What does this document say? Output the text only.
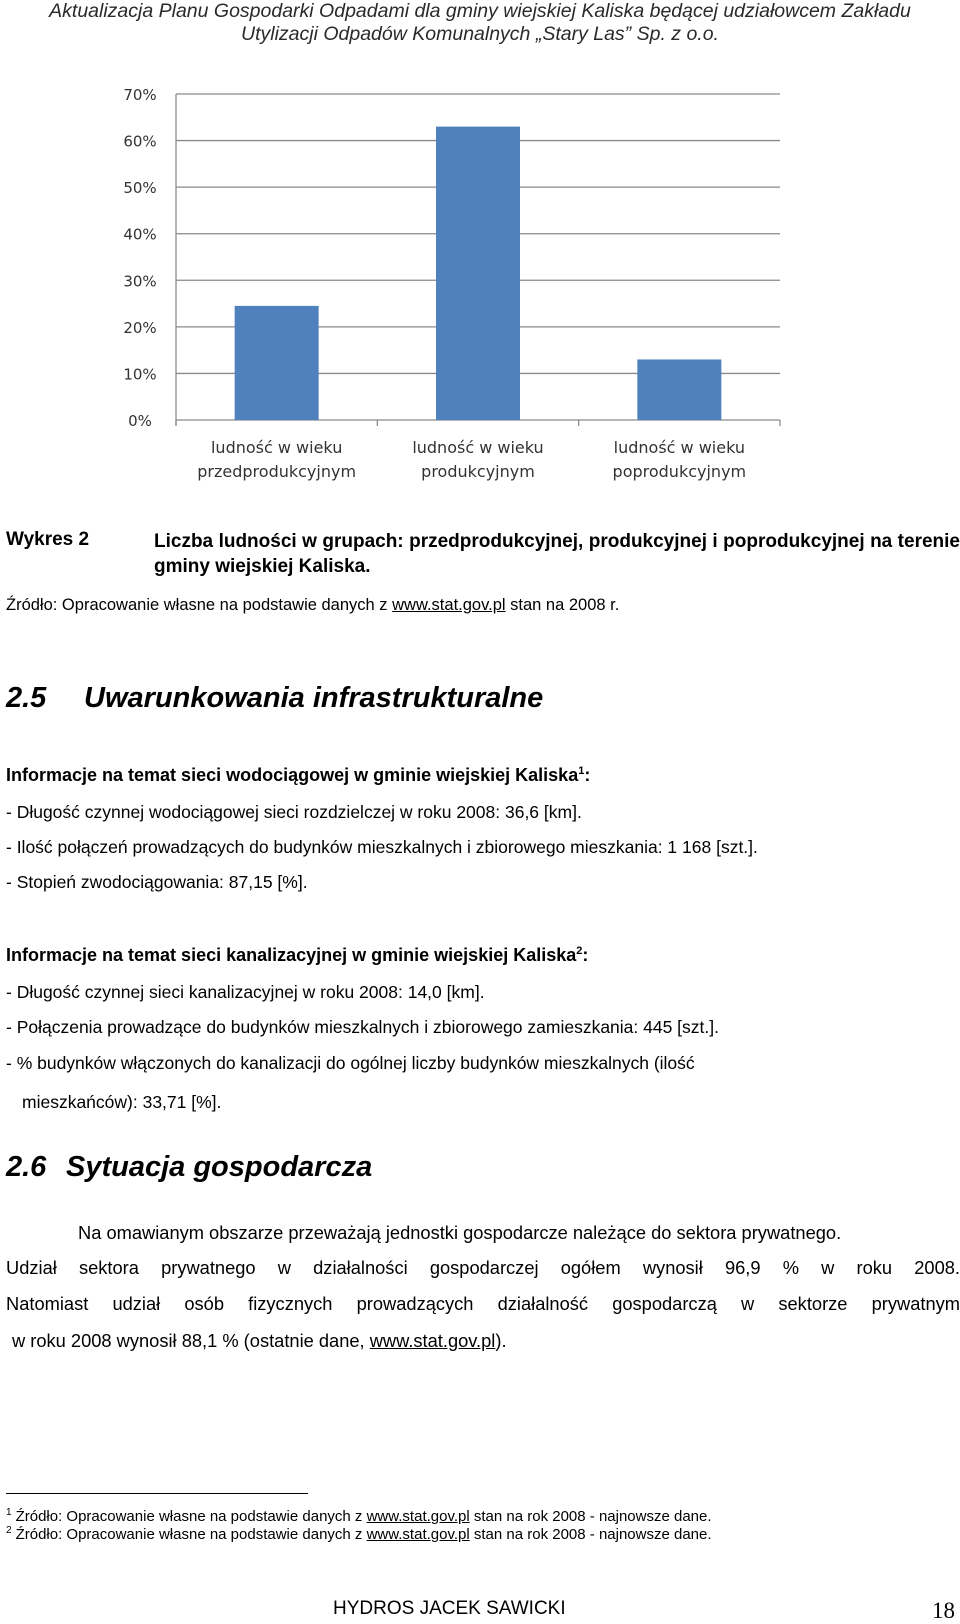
Aktualizacja Planu Gospodarki Odpadami dla gminy wiejskiej Kaliska będącej udziałowcem Zakładu
Utylizacji Odpadów Komunalnych „Stary Las” Sp. z o.o.
0%
10%
20%
30%
40%
50%
60%
70%
ludność w wieku
przedprodukcyjnym
ludność w wieku
produkcyjnym
ludność w wieku
poprodukcyjnym
Wykres 2	Liczba ludności w grupach: przedprodukcyjnej, produkcyjnej i poprodukcyjnej na terenie gminy wiejskiej Kaliska.
Źródło: Opracowanie własne na podstawie danych z www.stat.gov.pl stan na 2008 r.
2.5 Uwarunkowania infrastrukturalne
Informacje na temat sieci wodociągowej w gminie wiejskiej Kaliska$^1$:
- Długość czynnej wodociągowej sieci rozdzielczej w roku 2008: 36,6 [km].
- Ilość połączeń prowadzących do budynków mieszkalnych i zbiorowego mieszkania: 1 168 [szt.].
- Stopień zwodociągowania: 87,15 [%].
Informacje na temat sieci kanalizacyjnej w gminie wiejskiej Kaliska$^2$:
- Długość czynnej sieci kanalizacyjnej w roku 2008: 14,0 [km].
- Połączenia prowadzące do budynków mieszkalnych i zbiorowego zamieszkania: 445 [szt.].
- % budynków włączonych do kanalizacji do ogólnej liczby budynków mieszkalnych (ilość
mieszkańców): 33,71 [%].
2.6 Sytuacja gospodarcza
Na omawianym obszarze przeważają jednostki gospodarcze należące do sektora prywatnego.
Udział sektora prywatnego w działalności gospodarczej ogółem wynosił 96,9 % w roku 2008.
Natomiast udział osób fizycznych prowadzących działalność gospodarczą w sektorze prywatnym
w roku 2008 wynosił 88,1 % (ostatnie dane, www.stat.gov.pl).
$^1$ Źródło: Opracowanie własne na podstawie danych z www.stat.gov.pl stan na rok 2008 - najnowsze dane.
$^2$ Źródło: Opracowanie własne na podstawie danych z www.stat.gov.pl stan na rok 2008 - najnowsze dane.
HYDROS JACEK SAWICKI	18
